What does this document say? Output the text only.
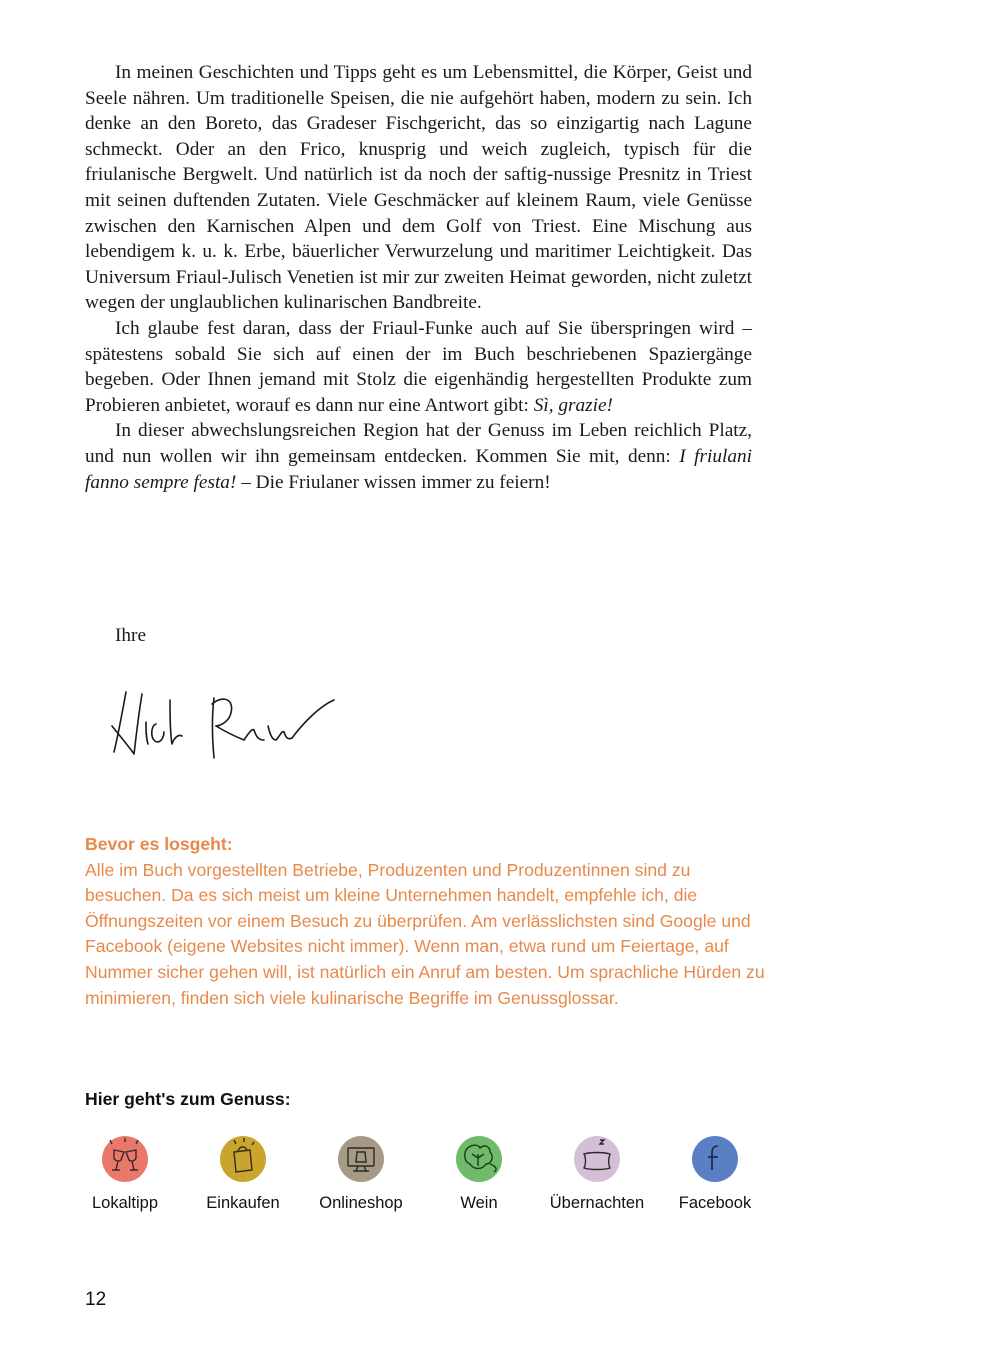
In meinen Geschichten und Tipps geht es um Lebensmittel, die Körper, Geist und Seele nähren. Um traditionelle Speisen, die nie aufgehört haben, modern zu sein. Ich denke an den Boreto, das Gradeser Fischgericht, das so einzigartig nach Lagune schmeckt. Oder an den Frico, knusprig und weich zugleich, typisch für die friulanische Bergwelt. Und natürlich ist da noch der saftig-nussige Presnitz in Triest mit seinen duftenden Zutaten. Viele Geschmäcker auf kleinem Raum, viele Genüsse zwischen den Karnischen Alpen und dem Golf von Triest. Eine Mischung aus lebendigem k. u. k. Erbe, bäuerlicher Verwurzelung und maritimer Leichtigkeit. Das Universum Friaul-Julisch Venetien ist mir zur zweiten Heimat geworden, nicht zuletzt wegen der unglaublichen kulinarischen Bandbreite.

Ich glaube fest daran, dass der Friaul-Funke auch auf Sie überspringen wird – spätestens sobald Sie sich auf einen der im Buch beschriebenen Spaziergänge begeben. Oder Ihnen jemand mit Stolz die eigenhändig hergestellten Produkte zum Probieren anbietet, worauf es dann nur eine Antwort gibt: Sì, grazie!

In dieser abwechslungsreichen Region hat der Genuss im Leben reichlich Platz, und nun wollen wir ihn gemeinsam entdecken. Kommen Sie mit, denn: I friulani fanno sempre festa! – Die Friulaner wissen immer zu feiern!

Ihre
Bevor es losgeht:
Alle im Buch vorgestellten Betriebe, Produzenten und Produzentinnen sind zu besuchen. Da es sich meist um kleine Unternehmen handelt, empfehle ich, die Öffnungszeiten vor einem Besuch zu überprüfen. Am verlässlichsten sind Google und Facebook (eigene Websites nicht immer). Wenn man, etwa rund um Feiertage, auf Nummer sicher gehen will, ist natürlich ein Anruf am besten. Um sprachliche Hürden zu minimieren, finden sich viele kulinarische Begriffe im Genussglossar.
Hier geht's zum Genuss:
Lokaltipp	Einkaufen	Onlineshop	Wein	Übernachten	Facebook
12
